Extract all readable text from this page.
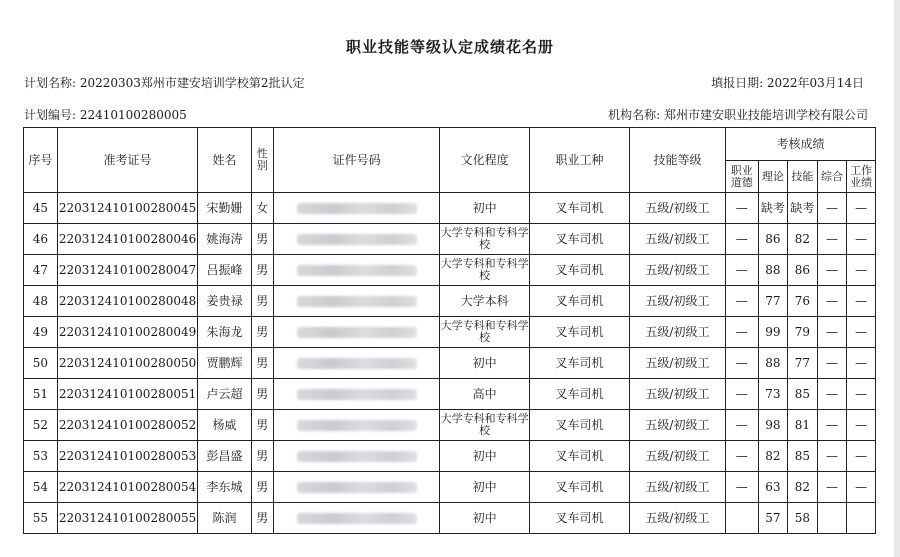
职业技能等级认定成绩花名册
计划名称: 20220303郑州市建安培训学校第2批认定	填报日期: 2022年03月14日
计划编号: 22410100280005	机构名称: 郑州市建安职业技能培训学校有限公司
序号	准考证号	姓名	性别	证件号码	文化程度	职业工种	技能等级	考核成绩				
								职业道德	理论	技能	综合	工作业绩
45	220312410100280045	宋勤姗	女		初中	叉车司机	五级/初级工	—	缺考	缺考	—	—
46	220312410100280046	姚海涛	男		大学专科和专科学校	叉车司机	五级/初级工	—	86	82	—	—
47	220312410100280047	吕振峰	男		大学专科和专科学校	叉车司机	五级/初级工	—	88	86	—	—
48	220312410100280048	姜贵禄	男		大学本科	叉车司机	五级/初级工	—	77	76	—	—
49	220312410100280049	朱海龙	男		大学专科和专科学校	叉车司机	五级/初级工	—	99	79	—	—
50	220312410100280050	贾鹏辉	男		初中	叉车司机	五级/初级工	—	88	77	—	—
51	220312410100280051	卢云超	男		高中	叉车司机	五级/初级工	—	73	85	—	—
52	220312410100280052	杨威	男		大学专科和专科学校	叉车司机	五级/初级工	—	98	81	—	—
53	220312410100280053	彭昌盛	男		初中	叉车司机	五级/初级工	—	82	85	—	—
54	220312410100280054	李东城	男		初中	叉车司机	五级/初级工	—	63	82	—	—
55	220312410100280055	陈润	男		初中	叉车司机	五级/初级工		57	58		
